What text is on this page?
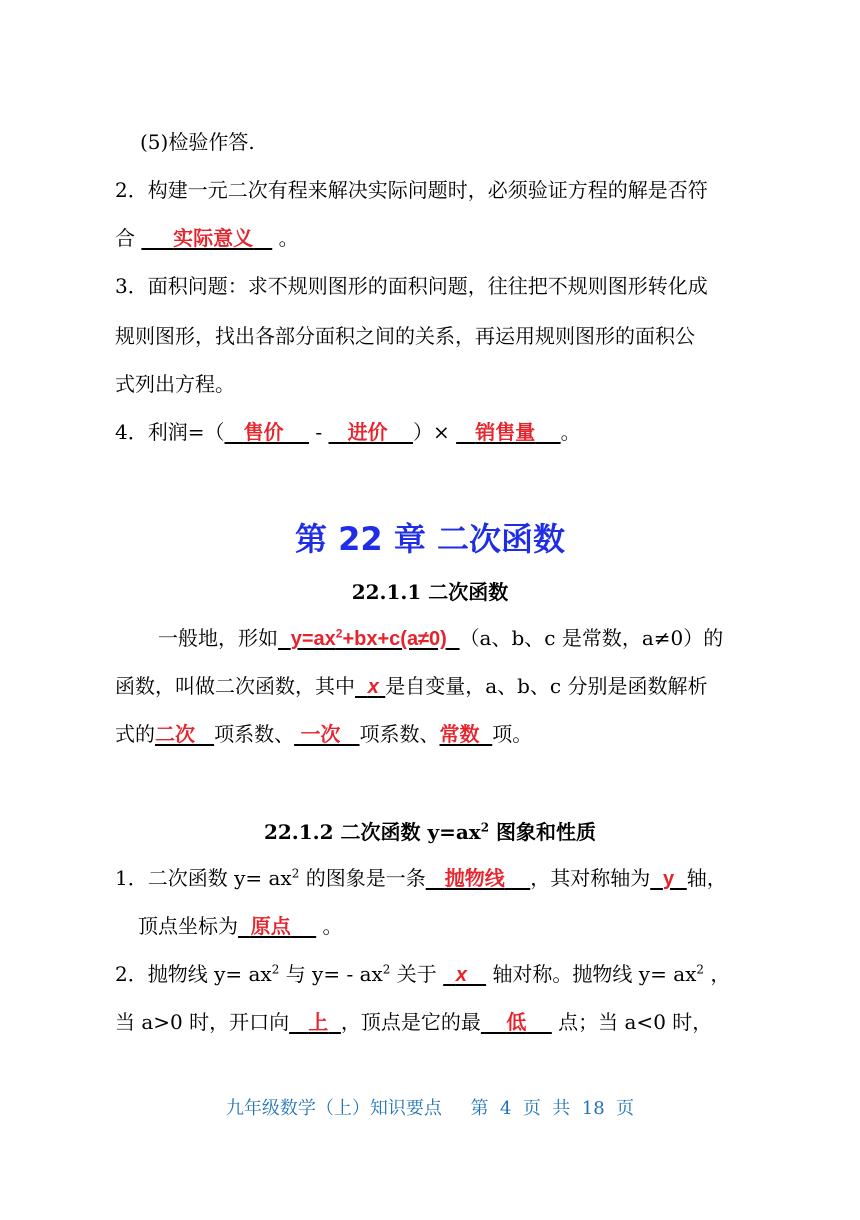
(5)检验作答.
2．构建一元二次有程来解决实际问题时，必须验证方程的解是否符
合 实际意义 。
3．面积问题：求不规则图形的面积问题，往往把不规则图形转化成
规则图形，找出各部分面积之间的关系，再运用规则图形的面积公
式列出方程。
4．利润=（ 售价 - 进价 ）× 销售量 。
第 22 章 二次函数
22.1.1 二次函数
一般地，形如 $y=ax^2+bx+c(a\ne 0)$ （a、b、c 是常数，a≠0）的
函数，叫做二次函数，其中 x 是自变量，a、b、c 分别是函数解析
式的二次 项系数、 一次 项系数、常数 项。
22.1.2 二次函数 $y=ax^2$ 图象和性质
1．二次函数 $y= ax^2$ 的图象是一条 抛物线 ，其对称轴为 y 轴，
顶点坐标为 原点 。
2．抛物线 $y= ax^2$ 与 $y= - ax^2$ 关于 x 轴对称。抛物线 $y= ax^2$ ，
当 a>0 时，开口向 上 ，顶点是它的最 低 点；当 a<0 时，
九年级数学（上）知识要点     第  4  页  共  18  页
